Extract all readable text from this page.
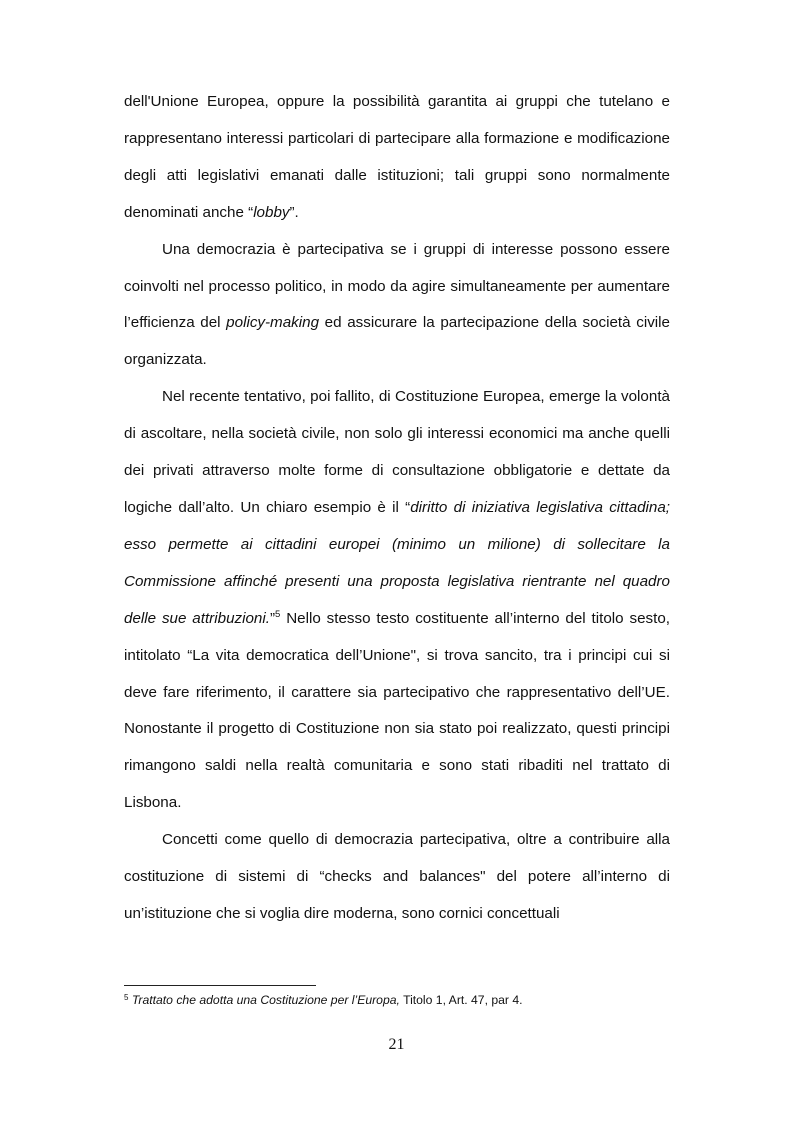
dell'Unione Europea, oppure la possibilità garantita ai gruppi che tutelano e rappresentano interessi particolari di partecipare alla formazione e modificazione degli atti legislativi emanati dalle istituzioni; tali gruppi sono normalmente denominati anche “lobby”.

Una democrazia è partecipativa se i gruppi di interesse possono essere coinvolti nel processo politico, in modo da agire simultaneamente per aumentare l’efficienza del policy-making ed assicurare la partecipazione della società civile organizzata.

Nel recente tentativo, poi fallito, di Costituzione Europea, emerge la volontà di ascoltare, nella società civile, non solo gli interessi economici ma anche quelli dei privati attraverso molte forme di consultazione obbligatorie e dettate da logiche dall’alto. Un chiaro esempio è il “diritto di iniziativa legislativa cittadina; esso permette ai cittadini europei (minimo un milione) di sollecitare la Commissione affinché presenti una proposta legislativa rientrante nel quadro delle sue attribuzioni.”$^5$ Nello stesso testo costituente all’interno del titolo sesto, intitolato “La vita democratica dell’Unione", si trova sancito, tra i principi cui si deve fare riferimento, il carattere sia partecipativo che rappresentativo dell’UE. Nonostante il progetto di Costituzione non sia stato poi realizzato, questi principi rimangono saldi nella realtà comunitaria e sono stati ribaditi nel trattato di Lisbona.

Concetti come quello di democrazia partecipativa, oltre a contribuire alla costituzione di sistemi di “checks and balances" del potere all’interno di un’istituzione che si voglia dire moderna, sono cornici concettuali

$^5$ Trattato che adotta una Costituzione per l’Europa, Titolo 1, Art. 47, par 4.

21
